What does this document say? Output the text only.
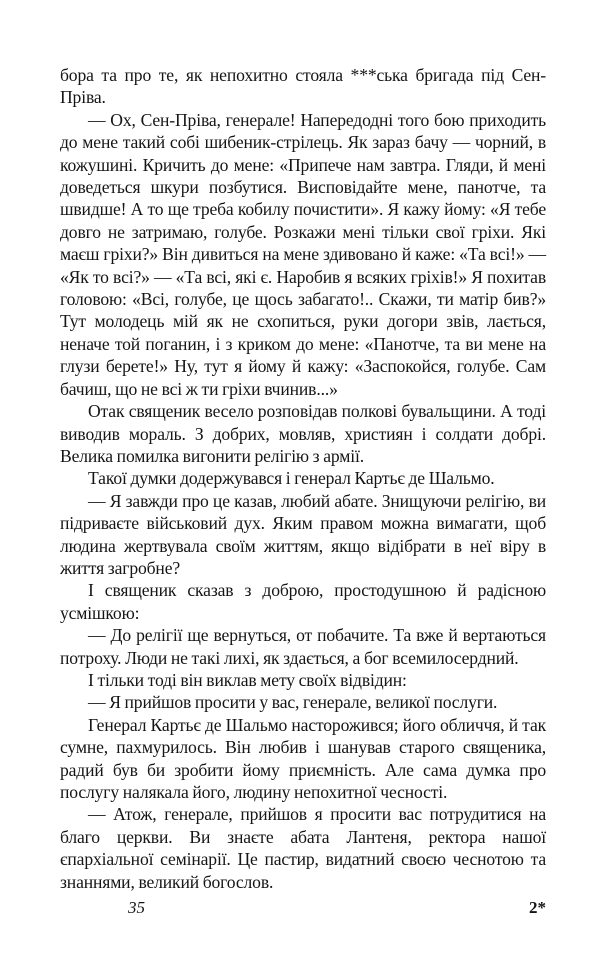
бора та про те, як непохитно стояла ***ська бригада під Сен-Пріва.

— Ох, Сен-Пріва, генерале! Напередодні того бою приходить до мене такий собі шибеник-стрілець. Як зараз бачу — чорний, в кожушині. Кричить до мене: «Припече нам завтра. Гляди, й мені доведеться шкури позбутися. Висповідайте мене, панотче, та швидше! А то ще треба кобилу почистити». Я кажу йому: «Я тебе довго не затримаю, голубе. Розкажи мені тільки свої гріхи. Які маєш гріхи?» Він дивиться на мене здивовано й каже: «Та всі!» — «Як то всі?» — «Та всі, які є. Наробив я всяких гріхів!» Я похитав головою: «Всі, голубе, це щось забагато!.. Скажи, ти матір бив?» Тут молодець мій як не схопиться, руки догори звів, лається, неначе той поганин, і з криком до мене: «Панотче, та ви мене на глузи берете!» Ну, тут я йому й кажу: «Заспокойся, голубе. Сам бачиш, що не всі ж ти гріхи вчинив...»

Отак священик весело розповідав полкові бувальщини. А тоді виводив мораль. З добрих, мовляв, християн і солдати добрі. Велика помилка вигонити релігію з армії.

Такої думки додержувався і генерал Картьє де Шальмо.

— Я завжди про це казав, любий абате. Знищуючи релігію, ви підриваєте військовий дух. Яким правом можна вимагати, щоб людина жертвувала своїм життям, якщо відібрати в неї віру в життя загробне?

І священик сказав з доброю, простодушною й радісною усмішкою:

— До релігії ще вернуться, от побачите. Та вже й вертаються потроху. Люди не такі лихі, як здається, а бог всемилосердний.

І тільки тоді він виклав мету своїх відвідин:

— Я прийшов просити у вас, генерале, великої послуги.

Генерал Картьє де Шальмо насторожився; його обличчя, й так сумне, пахмурилось. Він любив і шанував старого священика, радий був би зробити йому приємність. Але сама думка про послугу налякала його, людину непохитної чесності.

— Атож, генерале, прийшов я просити вас потрудитися на благо церкви. Ви знаєте абата Лантеня, ректора нашої єпархіальної семінарії. Це пастир, видатний своєю чеснотою та знаннями, великий богослов.

35	2*
